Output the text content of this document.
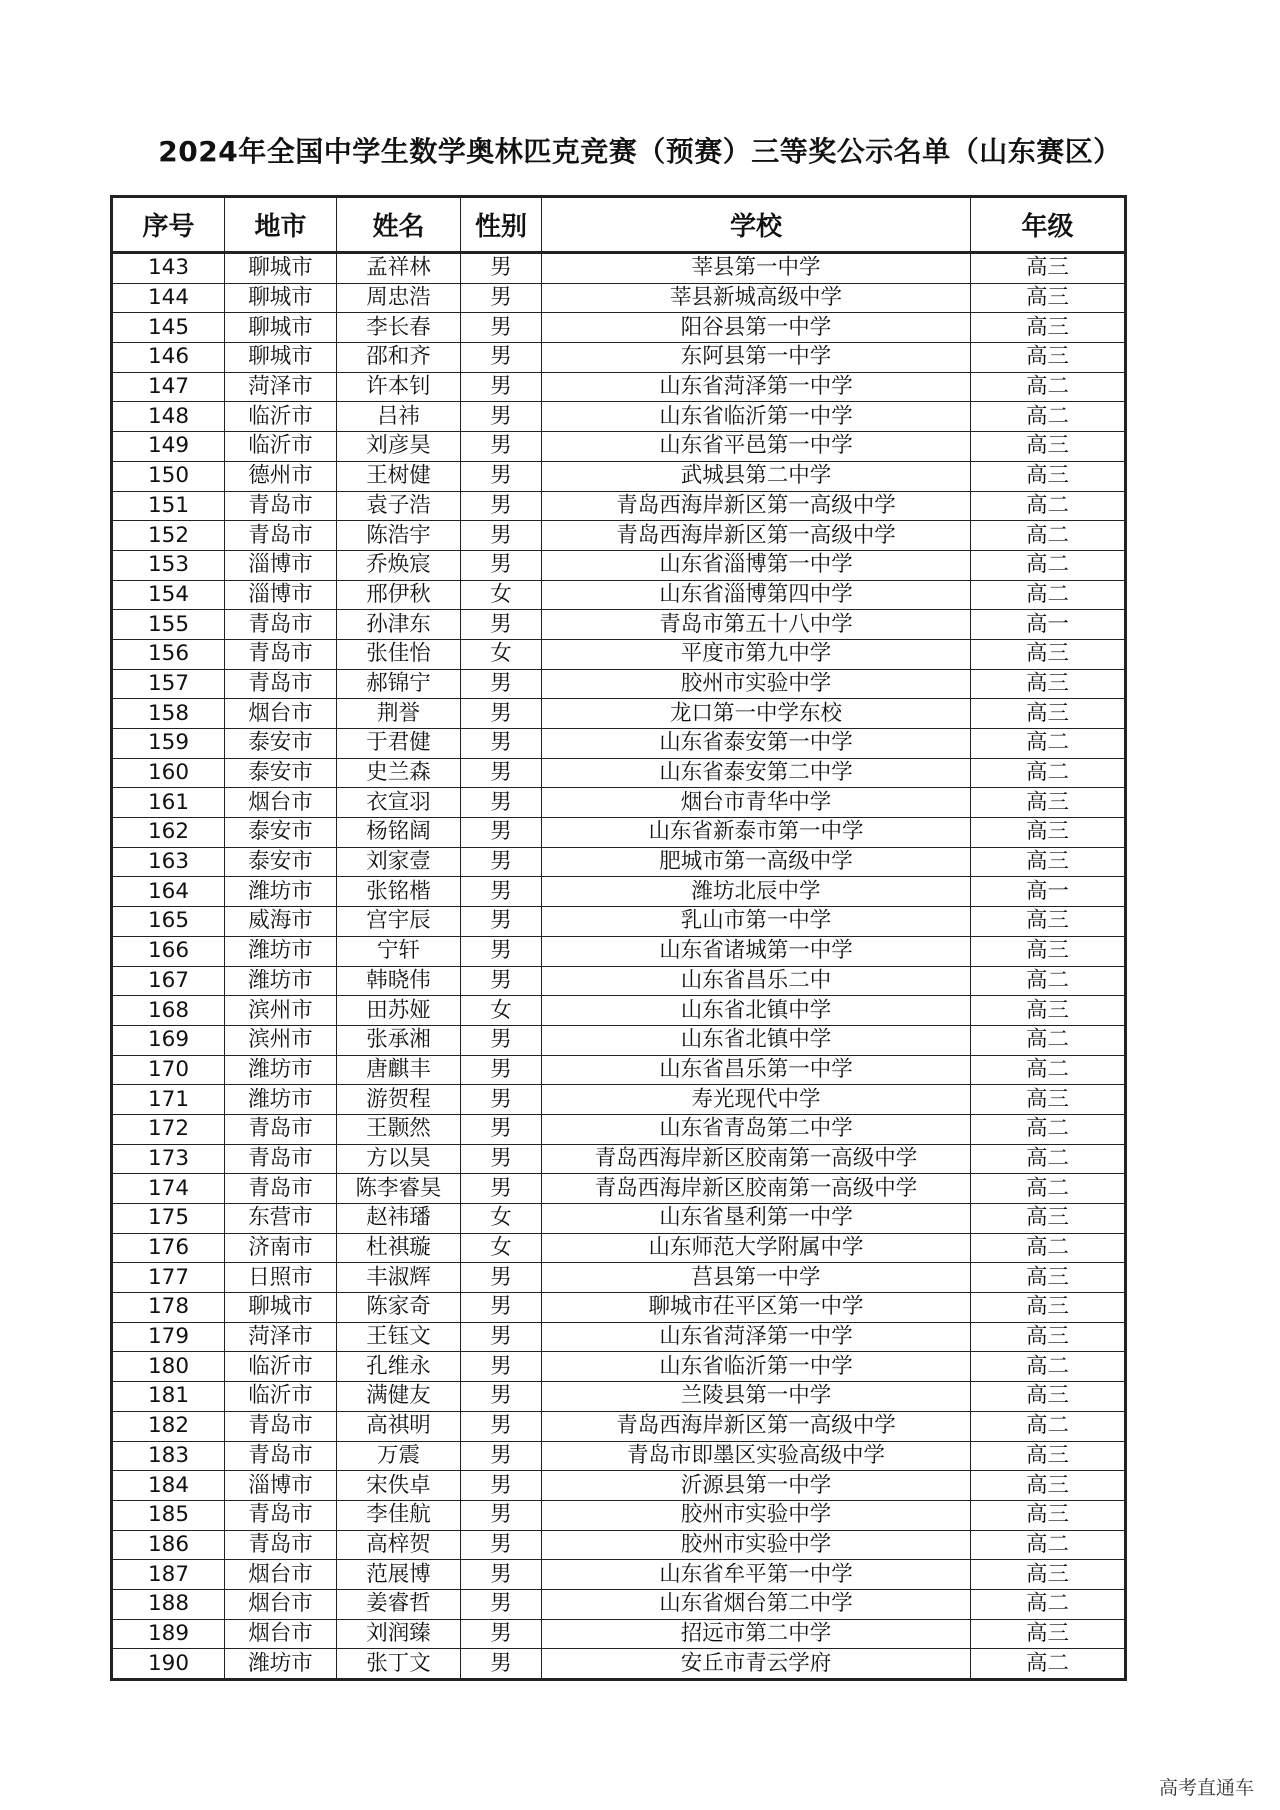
2024年全国中学生数学奥林匹克竞赛（预赛）三等奖公示名单（山东赛区）
序号	地市	姓名	性别	学校	年级
143	聊城市	孟祥林	男	莘县第一中学	高三
144	聊城市	周忠浩	男	莘县新城高级中学	高三
145	聊城市	李长春	男	阳谷县第一中学	高三
146	聊城市	邵和齐	男	东阿县第一中学	高三
147	菏泽市	许本钊	男	山东省菏泽第一中学	高二
148	临沂市	吕祎	男	山东省临沂第一中学	高二
149	临沂市	刘彦昊	男	山东省平邑第一中学	高三
150	德州市	王树健	男	武城县第二中学	高三
151	青岛市	袁子浩	男	青岛西海岸新区第一高级中学	高二
152	青岛市	陈浩宇	男	青岛西海岸新区第一高级中学	高二
153	淄博市	乔焕宸	男	山东省淄博第一中学	高二
154	淄博市	邢伊秋	女	山东省淄博第四中学	高二
155	青岛市	孙津东	男	青岛市第五十八中学	高一
156	青岛市	张佳怡	女	平度市第九中学	高三
157	青岛市	郝锦宁	男	胶州市实验中学	高三
158	烟台市	荆誉	男	龙口第一中学东校	高三
159	泰安市	于君健	男	山东省泰安第一中学	高二
160	泰安市	史兰森	男	山东省泰安第二中学	高二
161	烟台市	衣宣羽	男	烟台市青华中学	高三
162	泰安市	杨铭阔	男	山东省新泰市第一中学	高三
163	泰安市	刘家壹	男	肥城市第一高级中学	高三
164	潍坊市	张铭楷	男	潍坊北辰中学	高一
165	威海市	宫宇辰	男	乳山市第一中学	高三
166	潍坊市	宁轩	男	山东省诸城第一中学	高三
167	潍坊市	韩晓伟	男	山东省昌乐二中	高二
168	滨州市	田苏娅	女	山东省北镇中学	高三
169	滨州市	张承湘	男	山东省北镇中学	高二
170	潍坊市	唐麒丰	男	山东省昌乐第一中学	高二
171	潍坊市	游贺程	男	寿光现代中学	高三
172	青岛市	王颢然	男	山东省青岛第二中学	高二
173	青岛市	方以昊	男	青岛西海岸新区胶南第一高级中学	高二
174	青岛市	陈李睿昊	男	青岛西海岸新区胶南第一高级中学	高二
175	东营市	赵祎璠	女	山东省垦利第一中学	高三
176	济南市	杜祺璇	女	山东师范大学附属中学	高二
177	日照市	丰淑辉	男	莒县第一中学	高三
178	聊城市	陈家奇	男	聊城市茌平区第一中学	高三
179	菏泽市	王钰文	男	山东省菏泽第一中学	高三
180	临沂市	孔维永	男	山东省临沂第一中学	高二
181	临沂市	满健友	男	兰陵县第一中学	高三
182	青岛市	高祺明	男	青岛西海岸新区第一高级中学	高二
183	青岛市	万震	男	青岛市即墨区实验高级中学	高三
184	淄博市	宋佚卓	男	沂源县第一中学	高三
185	青岛市	李佳航	男	胶州市实验中学	高三
186	青岛市	高梓贺	男	胶州市实验中学	高二
187	烟台市	范展博	男	山东省牟平第一中学	高三
188	烟台市	姜睿哲	男	山东省烟台第二中学	高二
189	烟台市	刘润臻	男	招远市第二中学	高三
190	潍坊市	张丁文	男	安丘市青云学府	高二
高考直通车
